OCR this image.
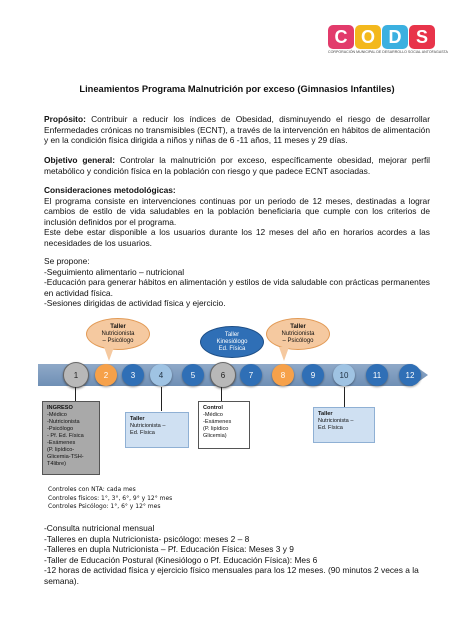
C O D S
CORPORACIÓN MUNICIPAL DE DESARROLLO SOCIAL ANTOFAGASTA
Lineamientos Programa Malnutrición por exceso (Gimnasios Infantiles)
Propósito: Contribuir a reducir los índices de Obesidad, disminuyendo el riesgo de desarrollar Enfermedades crónicas no transmisibles (ECNT), a través de la intervención en hábitos de alimentación y en la condición física dirigida a niños y niñas de 6 -11 años, 11 meses y 29 días.
Objetivo general: Controlar la malnutrición por exceso, específicamente obesidad, mejorar perfil metabólico y condición física en la población con riesgo y que padece ECNT asociadas.
Consideraciones metodológicas:
El programa consiste en intervenciones continuas por un periodo de 12 meses, destinadas a lograr cambios de estilo de vida saludables en la población beneficiaria que cumple con los criterios de inclusión definidos por el programa.
Este debe estar disponible a los usuarios durante los 12 meses del año en horarios acordes a las necesidades de los usuarios.
Se propone:
-Seguimiento alimentario – nutricional
-Educación para generar hábitos en alimentación y estilos de vida saludable con prácticas permanentes en actividad física.
-Sesiones dirigidas de actividad física y ejercicio.
1	2	3	4	5	6	7	8	9	10	11	12
Taller
Nutricionista
– Psicólogo
Taller
Kinesiólogo
Ed. Física
Taller
Nutricionista
– Psicólogo
INGRESO
-Médico
-Nutricionista
-Psicólogo
- Pf. Ed. Física
-Exámenes
(P. lipídico-
Glicemia-TSH-
T4libre)
Taller
Nutricionista –
Ed. Física
Control
-Médico
-Exámenes
(P. lipídico
Glicemia)
Taller
Nutricionista –
Ed. Física
Controles con NTA: cada mes
Controles físicos: 1°, 3°, 6°, 9° y 12° mes
Controles Psicólogo: 1°, 6° y 12° mes
-Consulta nutricional mensual
-Talleres en dupla Nutricionista- psicólogo: meses 2 – 8
-Talleres en dupla Nutricionista – Pf. Educación Física: Meses 3 y 9
-Taller de Educación Postural (Kinesiólogo o Pf. Educación Física): Mes 6
-12 horas de actividad física y ejercicio físico mensuales para los 12 meses. (90 minutos 2 veces a la semana).
